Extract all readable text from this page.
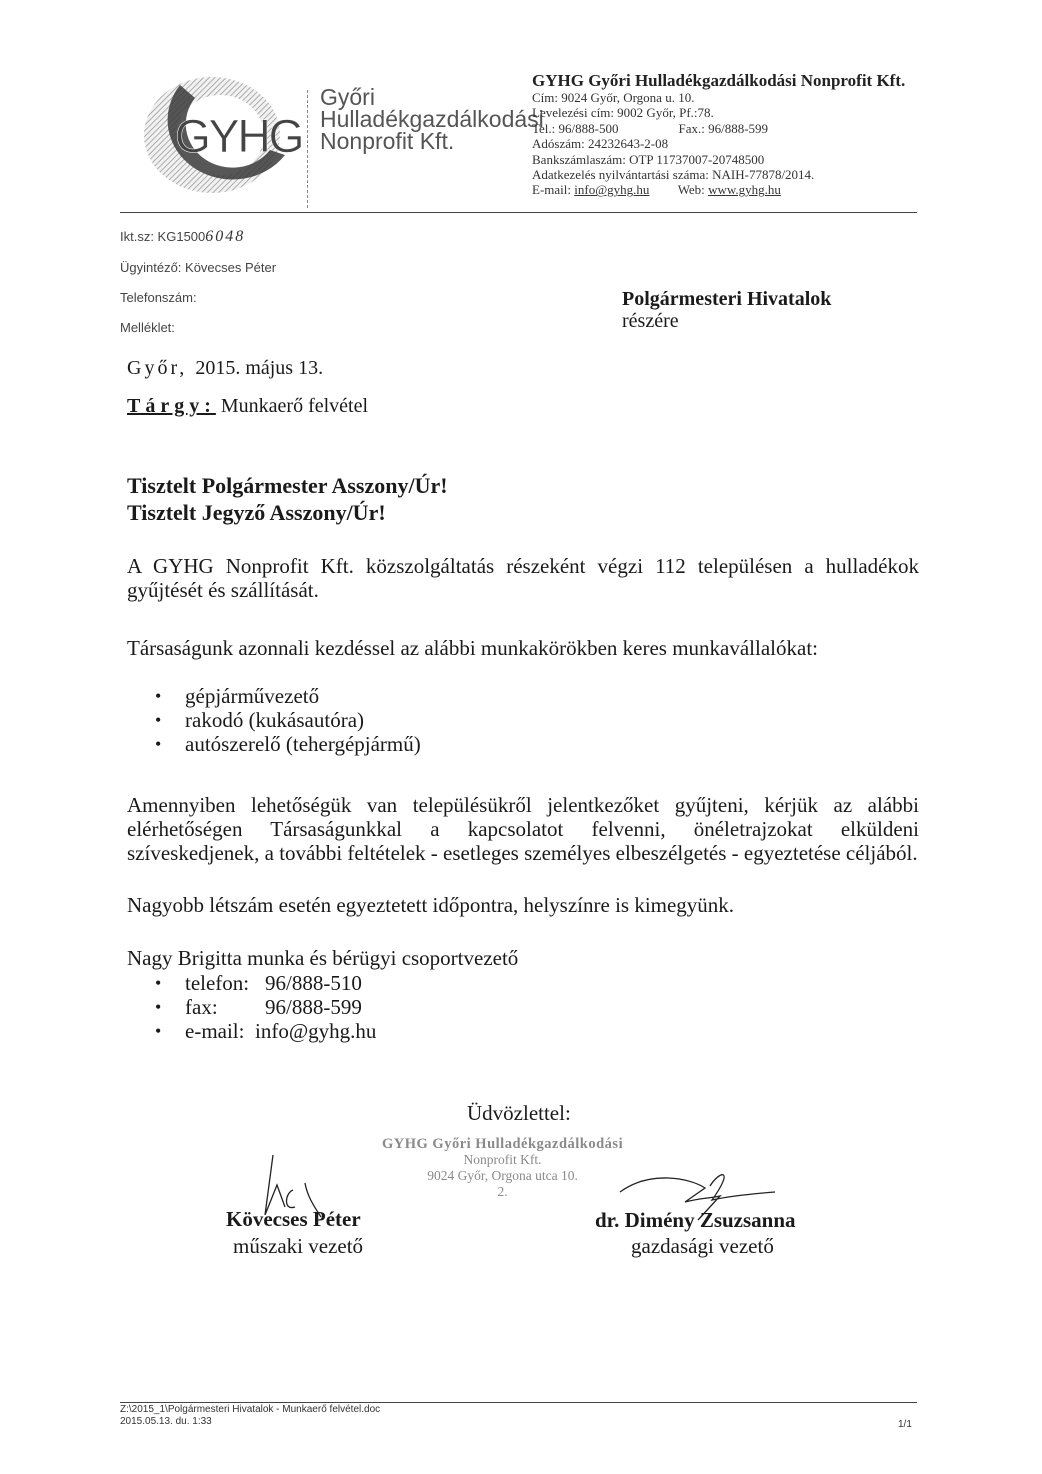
GYHG
Győri
Hulladékgazdálkodási
Nonprofit Kft.
GYHG Győri Hulladékgazdálkodási Nonprofit Kft.
Cím: 9024 Győr, Orgona u. 10.
Levelezési cím: 9002 Győr, Pf.:78.
Tel.: 96/888-500	Fax.: 96/888-599
Adószám: 24232643-2-08
Bankszámlaszám: OTP 11737007-20748500
Adatkezelés nyilvántartási száma: NAIH-77878/2014.
E-mail: info@gyhg.hu Web: www.gyhg.hu
Ikt.sz: KG15006048
Ügyintéző: Kövecses Péter
Telefonszám:
Melléklet:
Polgármesteri Hivatalok
részére
Győr, 2015. május 13.
Tárgy: Munkaerő felvétel
Tisztelt Polgármester Asszony/Úr!
Tisztelt Jegyző Asszony/Úr!
A GYHG Nonprofit Kft. közszolgáltatás részeként végzi 112 településen a hulladékok gyűjtését és szállítását.
Társaságunk azonnali kezdéssel az alábbi munkakörökben keres munkavállalókat:
• gépjárművezető
• rakodó (kukásautóra)
• autószerelő (tehergépjármű)
Amennyiben lehetőségük van településükről jelentkezőket gyűjteni, kérjük az alábbi elérhetőségen Társaságunkkal a kapcsolatot felvenni, önéletrajzokat elküldeni szíveskedjenek, a további feltételek - esetleges személyes elbeszélgetés - egyeztetése céljából.
Nagyobb létszám esetén egyeztetett időpontra, helyszínre is kimegyünk.
Nagy Brigitta munka és bérügyi csoportvezető
• telefon: 96/888-510
• fax: 96/888-599
• e-mail: info@gyhg.hu
Üdvözlettel:
GYHG Győri Hulladékgazdálkodási
Nonprofit Kft.
9024 Győr, Orgona utca 10.
2.
Kövecses Péter
műszaki vezető
dr. Dimény Zsuzsanna
gazdasági vezető
Z:\2015_1\Polgármesteri Hivatalok - Munkaerő felvétel.doc
2015.05.13. du. 1:33	1/1
